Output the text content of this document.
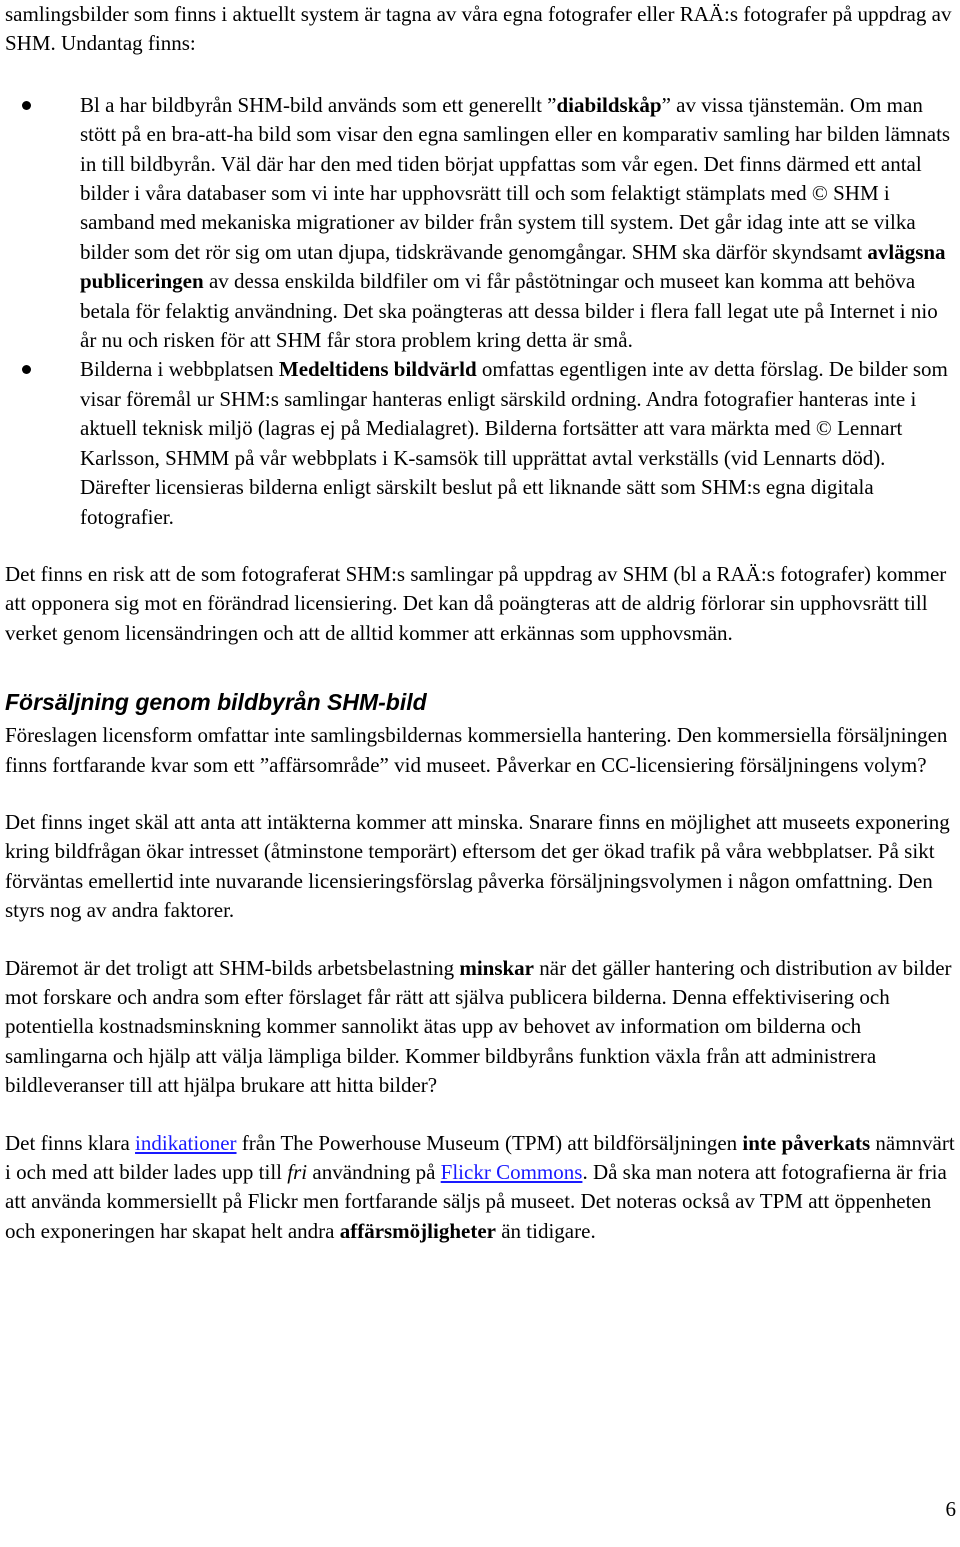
samlingsbilder som finns i aktuellt system är tagna av våra egna fotografer eller RAÄ:s fotografer på uppdrag av SHM. Undantag finns:

Bl a har bildbyrån SHM-bild används som ett generellt ”diabildskåp” av vissa tjänstemän. Om man stött på en bra-att-ha bild som visar den egna samlingen eller en komparativ samling har bilden lämnats in till bildbyrån. Väl där har den med tiden börjat uppfattas som vår egen. Det finns därmed ett antal bilder i våra databaser som vi inte har upphovsrätt till och som felaktigt stämplats med © SHM i samband med mekaniska migrationer av bilder från system till system. Det går idag inte att se vilka bilder som det rör sig om utan djupa, tidskrävande genomgångar. SHM ska därför skyndsamt avlägsna publiceringen av dessa enskilda bildfiler om vi får påstötningar och museet kan komma att behöva betala för felaktig användning. Det ska poängteras att dessa bilder i flera fall legat ute på Internet i nio år nu och risken för att SHM får stora problem kring detta är små.
Bilderna i webbplatsen Medeltidens bildvärld omfattas egentligen inte av detta förslag. De bilder som visar föremål ur SHM:s samlingar hanteras enligt särskild ordning. Andra fotografier hanteras inte i aktuell teknisk miljö (lagras ej på Medialagret). Bilderna fortsätter att vara märkta med © Lennart Karlsson, SHMM på vår webbplats i K-samsök till upprättat avtal verkställs (vid Lennarts död). Därefter licensieras bilderna enligt särskilt beslut på ett liknande sätt som SHM:s egna digitala fotografier.

Det finns en risk att de som fotograferat SHM:s samlingar på uppdrag av SHM (bl a RAÄ:s fotografer) kommer att opponera sig mot en förändrad licensiering. Det kan då poängteras att de aldrig förlorar sin upphovsrätt till verket genom licensändringen och att de alltid kommer att erkännas som upphovsmän.

Försäljning genom bildbyrån SHM-bild

Föreslagen licensform omfattar inte samlingsbildernas kommersiella hantering. Den kommersiella försäljningen finns fortfarande kvar som ett ”affärsområde” vid museet. Påverkar en CC-licensiering försäljningens volym?

Det finns inget skäl att anta att intäkterna kommer att minska. Snarare finns en möjlighet att museets exponering kring bildfrågan ökar intresset (åtminstone temporärt) eftersom det ger ökad trafik på våra webbplatser. På sikt förväntas emellertid inte nuvarande licensieringsförslag påverka försäljningsvolymen i någon omfattning. Den styrs nog av andra faktorer.

Däremot är det troligt att SHM-bilds arbetsbelastning minskar när det gäller hantering och distribution av bilder mot forskare och andra som efter förslaget får rätt att själva publicera bilderna. Denna effektivisering och potentiella kostnadsminskning kommer sannolikt ätas upp av behovet av information om bilderna och samlingarna och hjälp att välja lämpliga bilder. Kommer bildbyråns funktion växla från att administrera bildleveranser till att hjälpa brukare att hitta bilder?

Det finns klara indikationer från The Powerhouse Museum (TPM) att bildförsäljningen inte påverkats nämnvärt i och med att bilder lades upp till fri användning på Flickr Commons. Då ska man notera att fotografierna är fria att använda kommersiellt på Flickr men fortfarande säljs på museet. Det noteras också av TPM att öppenheten och exponeringen har skapat helt andra affärsmöjligheter än tidigare.

6
